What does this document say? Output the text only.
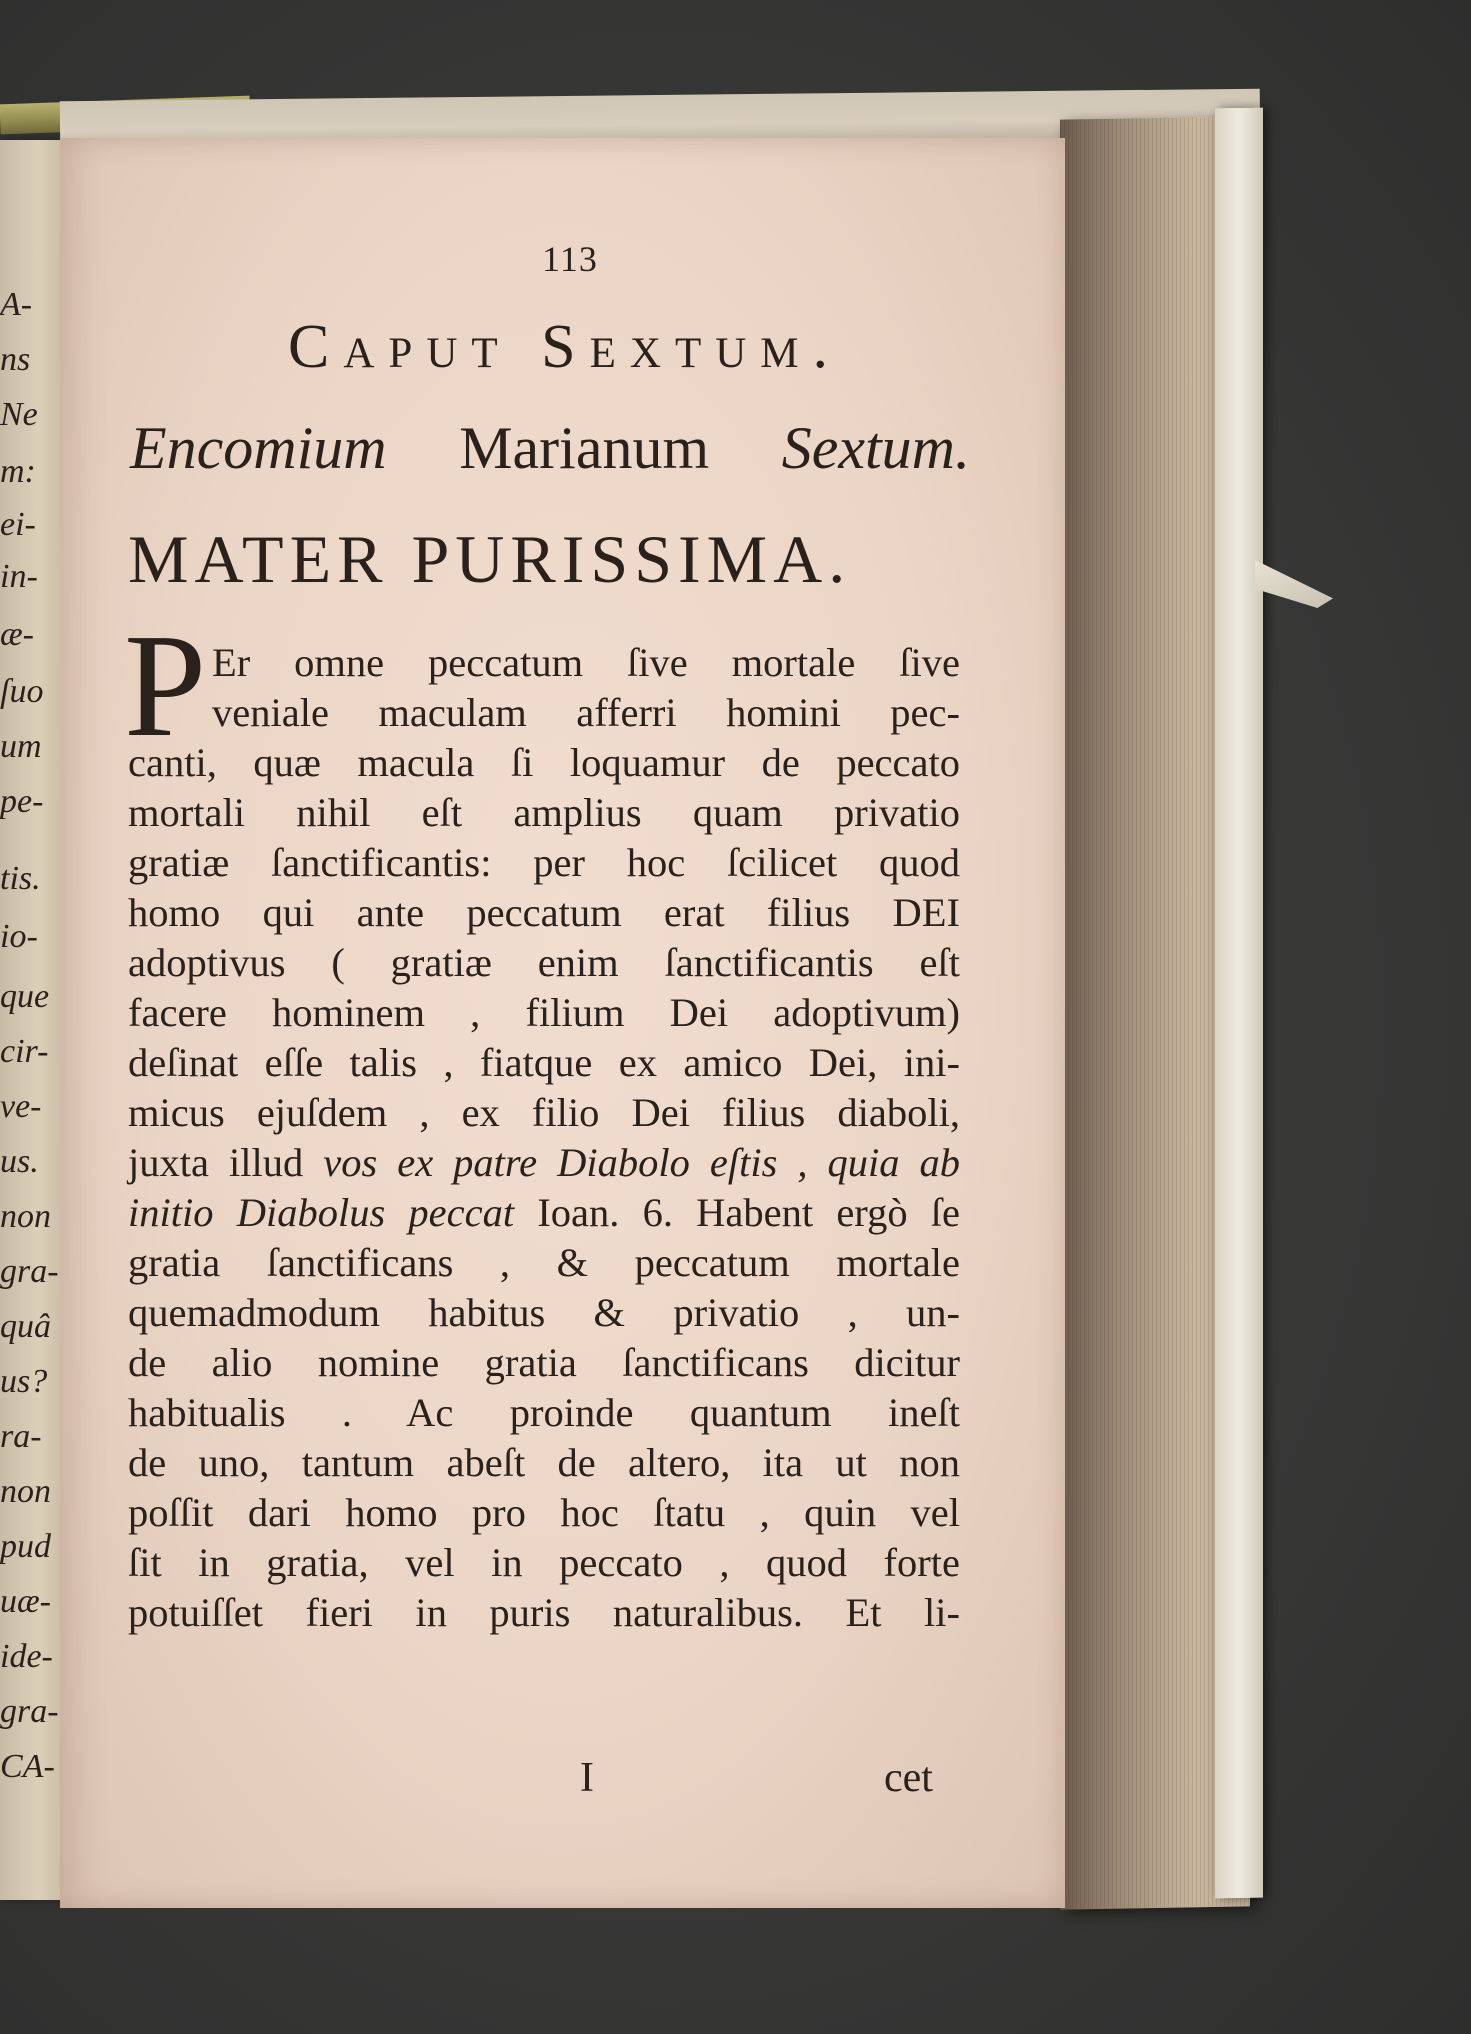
A-
ns
Ne
m:
ei-
in-
æ-
ſuo
um
pe-
tis.
io-
que
cir-
ve-
us.
non
gra-
quâ
us?
ra-
non
pud
uæ-
ide-
gra-
CA-
113
Caput Sextum.
Encomium Marianum Sextum.
MATER PURISSIMA.
P Er omne peccatum ſive mortale ſive
veniale maculam afferri homini pec-
canti, quæ macula ſi loquamur de peccato
mortali nihil eſt amplius quam privatio
gratiæ ſanctificantis: per hoc ſcilicet quod
homo qui ante peccatum erat filius DEI
adoptivus ( gratiæ enim ſanctificantis eſt
facere hominem , filium Dei adoptivum)
deſinat eſſe talis , fiatque ex amico Dei, ini-
micus ejuſdem , ex filio Dei filius diaboli,
juxta illud vos ex patre Diabolo eſtis , quia ab
initio Diabolus peccat Ioan. 6. Habent ergò ſe
gratia ſanctificans , & peccatum mortale
quemadmodum habitus & privatio , un-
de alio nomine gratia ſanctificans dicitur
habitualis . Ac proinde quantum ineſt
de uno, tantum abeſt de altero, ita ut non
poſſit dari homo pro hoc ſtatu , quin vel
ſit in gratia, vel in peccato , quod forte
potuiſſet fieri in puris naturalibus. Et li-
I	cet
